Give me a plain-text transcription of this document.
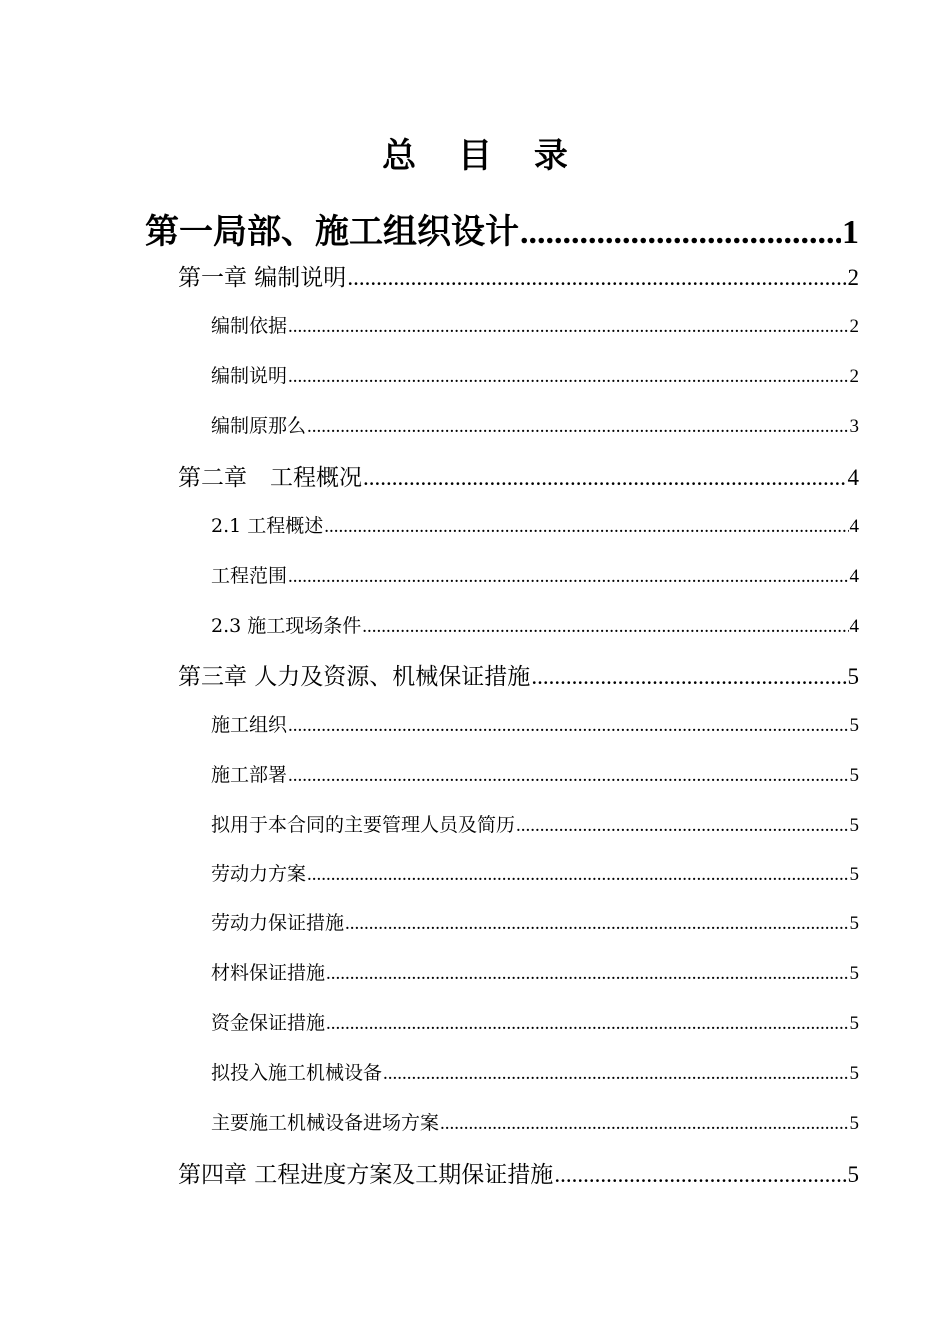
总 目 录
第一局部、施工组织设计 .....	1
第一章 编制说明 .....	2
编制依据 .....	2
编制说明 .....	2
编制原那么 .....	3
第二章　工程概况 .....	4
2.1 工程概述 .....	4
工程范围 .....	4
2.3 施工现场条件 .....	4
第三章 人力及资源、机械保证措施 .....	5
施工组织 .....	5
施工部署 .....	5
拟用于本合同的主要管理人员及简历 .....	5
劳动力方案 .....	5
劳动力保证措施 .....	5
材料保证措施 .....	5
资金保证措施 .....	5
拟投入施工机械设备 .....	5
主要施工机械设备进场方案 .....	5
第四章 工程进度方案及工期保证措施 .....	5
